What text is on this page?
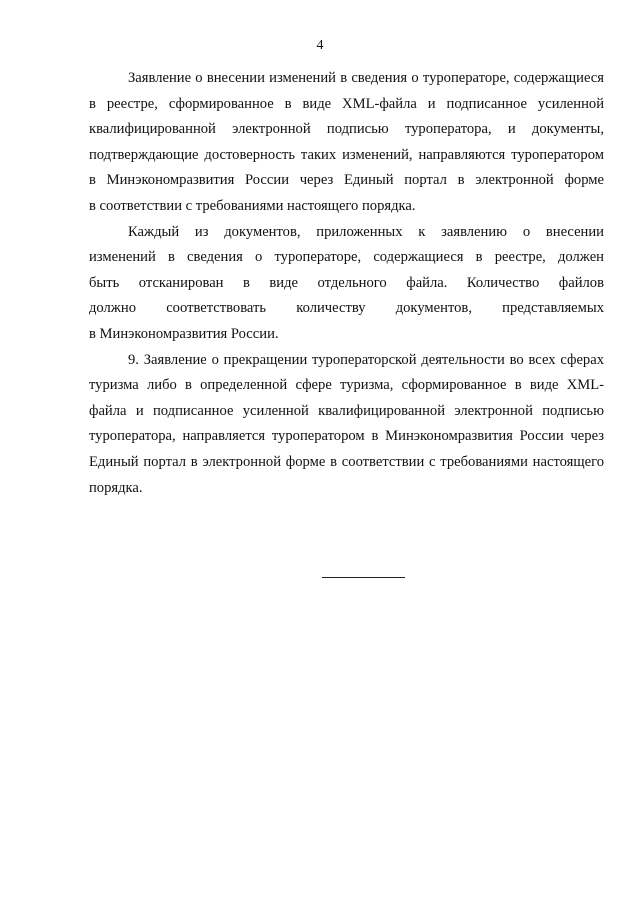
4
Заявление о внесении изменений в сведения о туроператоре, содержащиеся
в реестре, сформированное в виде XML-файла и подписанное усиленной
квалифицированной электронной подписью туроператора, и документы,
подтверждающие достоверность таких изменений, направляются туроператором
в Минэкономразвития России через Единый портал в электронной форме
в соответствии с требованиями настоящего порядка.
Каждый из документов, приложенных к заявлению о внесении
изменений в сведения о туроператоре, содержащиеся в реестре, должен
быть отсканирован в виде отдельного файла. Количество файлов
должно соответствовать количеству документов, представляемых
в Минэкономразвития России.
9. Заявление о прекращении туроператорской деятельности во всех сферах
туризма либо в определенной сфере туризма, сформированное в виде XML-
файла и подписанное усиленной квалифицированной электронной подписью
туроператора, направляется туроператором в Минэкономразвития России через
Единый портал в электронной форме в соответствии с требованиями настоящего
порядка.
